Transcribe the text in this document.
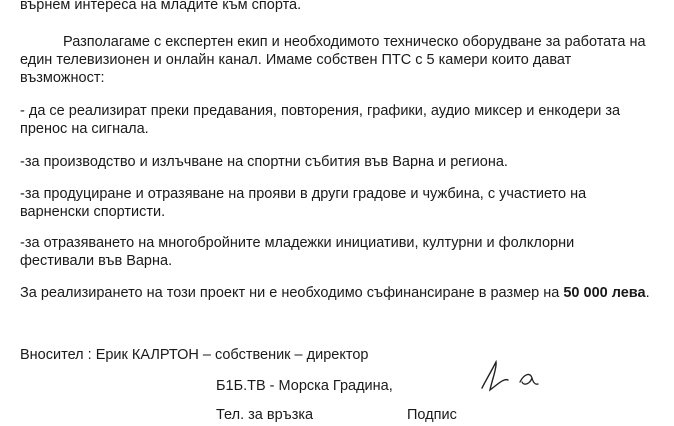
върнем интереса на младите към спорта.
Разполагаме с експертен екип и необходимото техническо оборудване за работата на
един телевизионен и онлайн канал. Имаме собствен ПТС с 5 камери които дават
възможност:
- да се реализират преки предавания, повторения, графики, аудио миксер и енкодери за
пренос на сигнала.
-за производство и излъчване на спортни събития във Варна и региона.
-за продуциране и отразяване на прояви в други градове и чужбина, с участието на
варненски спортисти.
-за отразяването на многобройните младежки инициативи, културни и фолклорни
фестивали във Варна.
За реализирането на този проект ни е необходимо съфинансиране в размер на 50 000 лева.
Вносител : Ерик КАЛРТОН – собственик – директор
Б1Б.ТВ - Морска Градина,
Тел. за връзка	Подпис
